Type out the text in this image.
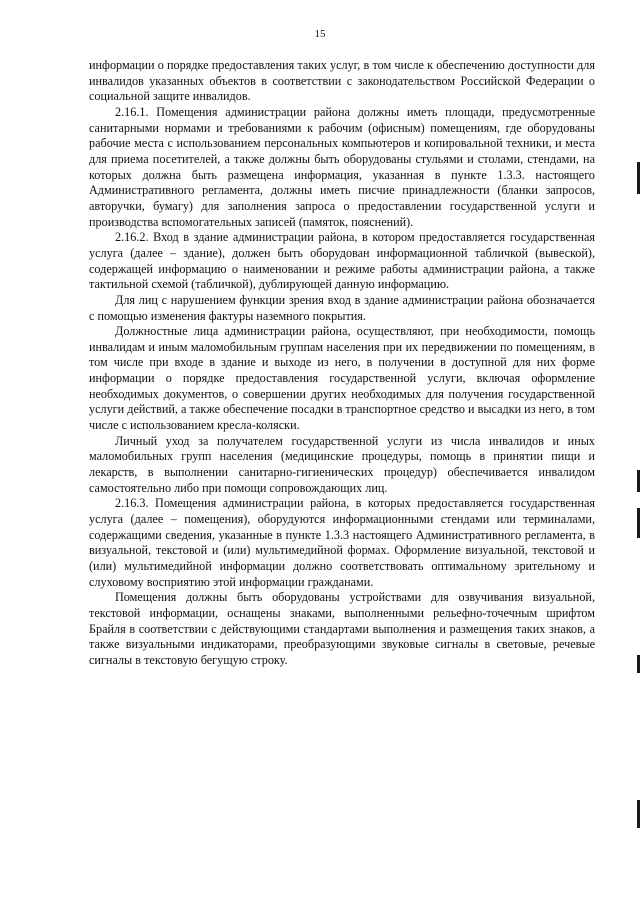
15

информации о порядке предоставления таких услуг, в том числе к обеспечению доступности для инвалидов указанных объектов в соответствии с законодательством Российской Федерации о социальной защите инвалидов.

2.16.1. Помещения администрации района должны иметь площади, предусмотренные санитарными нормами и требованиями к рабочим (офисным) помещениям, где оборудованы рабочие места с использованием персональных компьютеров и копировальной техники, и места для приема посетителей, а также должны быть оборудованы стульями и столами, стендами, на которых должна быть размещена информация, указанная в пункте 1.3.3. настоящего Административного регламента, должны иметь писчие принадлежности (бланки запросов, авторучки, бумагу) для заполнения запроса о предоставлении государственной услуги и производства вспомогательных записей (памяток, пояснений).

2.16.2. Вход в здание администрации района, в котором предоставляется государственная услуга (далее – здание), должен быть оборудован информационной табличкой (вывеской), содержащей информацию о наименовании и режиме работы администрации района, а также тактильной схемой (табличкой), дублирующей данную информацию.

Для лиц с нарушением функции зрения вход в здание администрации района обозначается с помощью изменения фактуры наземного покрытия.

Должностные лица администрации района, осуществляют, при необходимости, помощь инвалидам и иным маломобильным группам населения при их передвижении по помещениям, в том числе при входе в здание и выходе из него, в получении в доступной для них форме информации о порядке предоставления государственной услуги, включая оформление необходимых документов, о совершении других необходимых для получения государственной услуги действий, а также обеспечение посадки в транспортное средство и высадки из него, в том числе с использованием кресла-коляски.

Личный уход за получателем государственной услуги из числа инвалидов и иных маломобильных групп населения (медицинские процедуры, помощь в принятии пищи и лекарств, в выполнении санитарно-гигиенических процедур) обеспечивается инвалидом самостоятельно либо при помощи сопровождающих лиц.

2.16.3. Помещения администрации района, в которых предоставляется государственная услуга (далее – помещения), оборудуются информационными стендами или терминалами, содержащими сведения, указанные в пункте 1.3.3 настоящего Административного регламента, в визуальной, текстовой и (или) мультимедийной формах. Оформление визуальной, текстовой и (или) мультимедийной информации должно соответствовать оптимальному зрительному и слуховому восприятию этой информации гражданами.

Помещения должны быть оборудованы устройствами для озвучивания визуальной, текстовой информации, оснащены знаками, выполненными рельефно-точечным шрифтом Брайля в соответствии с действующими стандартами выполнения и размещения таких знаков, а также визуальными индикаторами, преобразующими звуковые сигналы в световые, речевые сигналы в текстовую бегущую строку.
